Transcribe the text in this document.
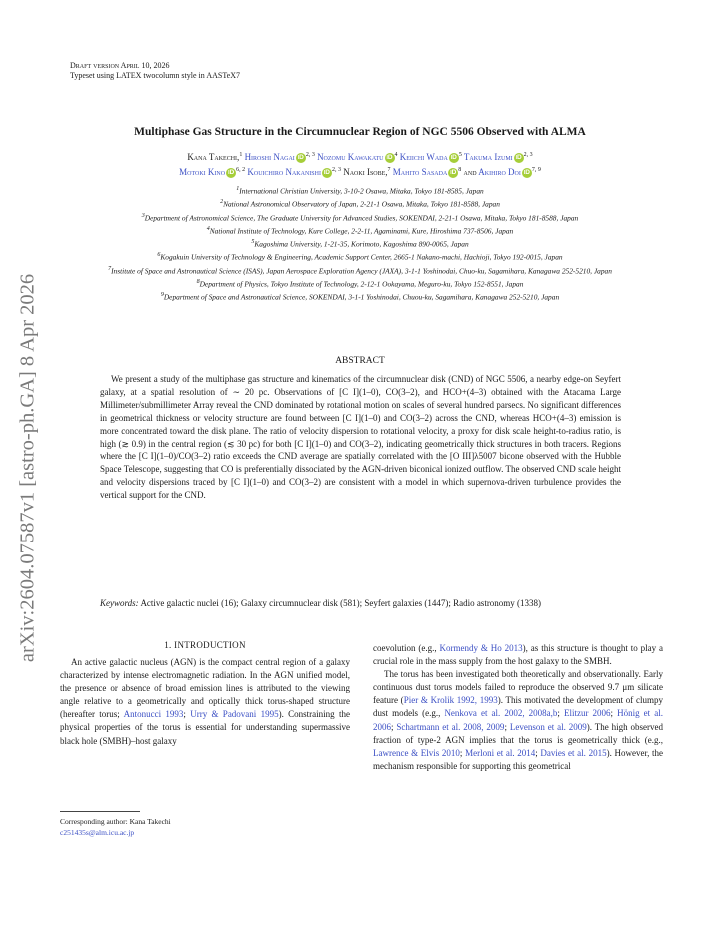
arXiv:2604.07587v1 [astro-ph.GA] 8 Apr 2026
Draft version April 10, 2026
Typeset using LATEX twocolumn style in AASTeX7
Multiphase Gas Structure in the Circumnuclear Region of NGC 5506 Observed with ALMA
Kana Takechi,$^1$ Hiroshi Nagai iD $^{2, 3}$ Nozomu Kawakatu iD $^4$ Keiichi Wada iD $^5$ Takuma Izumi iD $^{2, 3}$
Motoki Kino iD $^{6, 2}$ Kouichiro Nakanishi iD $^{2, 3}$ Naoki Isobe,$^7$ Mahito Sasada iD $^8$ and Akihiro Doi iD $^{7, 9}$
$^1$International Christian University, 3-10-2 Osawa, Mitaka, Tokyo 181-8585, Japan
$^2$National Astronomical Observatory of Japan, 2-21-1 Osawa, Mitaka, Tokyo 181-8588, Japan
$^3$Department of Astronomical Science, The Graduate University for Advanced Studies, SOKENDAI, 2-21-1 Osawa, Mitaka, Tokyo 181-8588, Japan
$^4$National Institute of Technology, Kure College, 2-2-11, Agaminami, Kure, Hiroshima 737-8506, Japan
$^5$Kagoshima University, 1-21-35, Korimoto, Kagoshima 890-0065, Japan
$^6$Kogakuin University of Technology & Engineering, Academic Support Center, 2665-1 Nakano-machi, Hachioji, Tokyo 192-0015, Japan
$^7$Institute of Space and Astronautical Science (ISAS), Japan Aerospace Exploration Agency (JAXA), 3-1-1 Yoshinodai, Chuo-ku, Sagamihara, Kanagawa 252-5210, Japan
$^8$Department of Physics, Tokyo Institute of Technology, 2-12-1 Ookayama, Meguro-ku, Tokyo 152-8551, Japan
$^9$Department of Space and Astronautical Science, SOKENDAI, 3-1-1 Yoshinodai, Chuou-ku, Sagamihara, Kanagawa 252-5210, Japan
ABSTRACT
We present a study of the multiphase gas structure and kinematics of the circumnuclear disk (CND) of NGC 5506, a nearby edge-on Seyfert galaxy, at a spatial resolution of ∼ 20 pc. Observations of [C I](1–0), CO(3–2), and HCO+(4–3) obtained with the Atacama Large Millimeter/submillimeter Array reveal the CND dominated by rotational motion on scales of several hundred parsecs. No significant differences in geometrical thickness or velocity structure are found between [C I](1–0) and CO(3–2) across the CND, whereas HCO+(4–3) emission is more concentrated toward the disk plane. The ratio of velocity dispersion to rotational velocity, a proxy for disk scale height-to-radius ratio, is high (≳ 0.9) in the central region (≲ 30 pc) for both [C I](1–0) and CO(3–2), indicating geometrically thick structures in both tracers. Regions where the [C I](1–0)/CO(3–2) ratio exceeds the CND average are spatially correlated with the [O III]λ5007 bicone observed with the Hubble Space Telescope, suggesting that CO is preferentially dissociated by the AGN-driven biconical ionized outflow. The observed CND scale height and velocity dispersions traced by [C I](1–0) and CO(3–2) are consistent with a model in which supernova-driven turbulence provides the vertical support for the CND.
Keywords: Active galactic nuclei (16); Galaxy circumnuclear disk (581); Seyfert galaxies (1447); Radio astronomy (1338)
1. INTRODUCTION

An active galactic nucleus (AGN) is the compact central region of a galaxy characterized by intense electromagnetic radiation. In the AGN unified model, the presence or absence of broad emission lines is attributed to the viewing angle relative to a geometrically and optically thick torus-shaped structure (hereafter torus; Antonucci 1993; Urry & Padovani 1995). Constraining the physical properties of the torus is essential for understanding supermassive black hole (SMBH)–host galaxy

coevolution (e.g., Kormendy & Ho 2013), as this structure is thought to play a crucial role in the mass supply from the host galaxy to the SMBH.

The torus has been investigated both theoretically and observationally. Early continuous dust torus models failed to reproduce the observed 9.7 μm silicate feature (Pier & Krolik 1992, 1993). This motivated the development of clumpy dust models (e.g., Nenkova et al. 2002, 2008a,b; Elitzur 2006; Hönig et al. 2006; Schartmann et al. 2008, 2009; Levenson et al. 2009). The high observed fraction of type-2 AGN implies that the torus is geometrically thick (e.g., Lawrence & Elvis 2010; Merloni et al. 2014; Davies et al. 2015). However, the mechanism responsible for supporting this geometrical

Corresponding author: Kana Takechi
c251435s@alm.icu.ac.jp
